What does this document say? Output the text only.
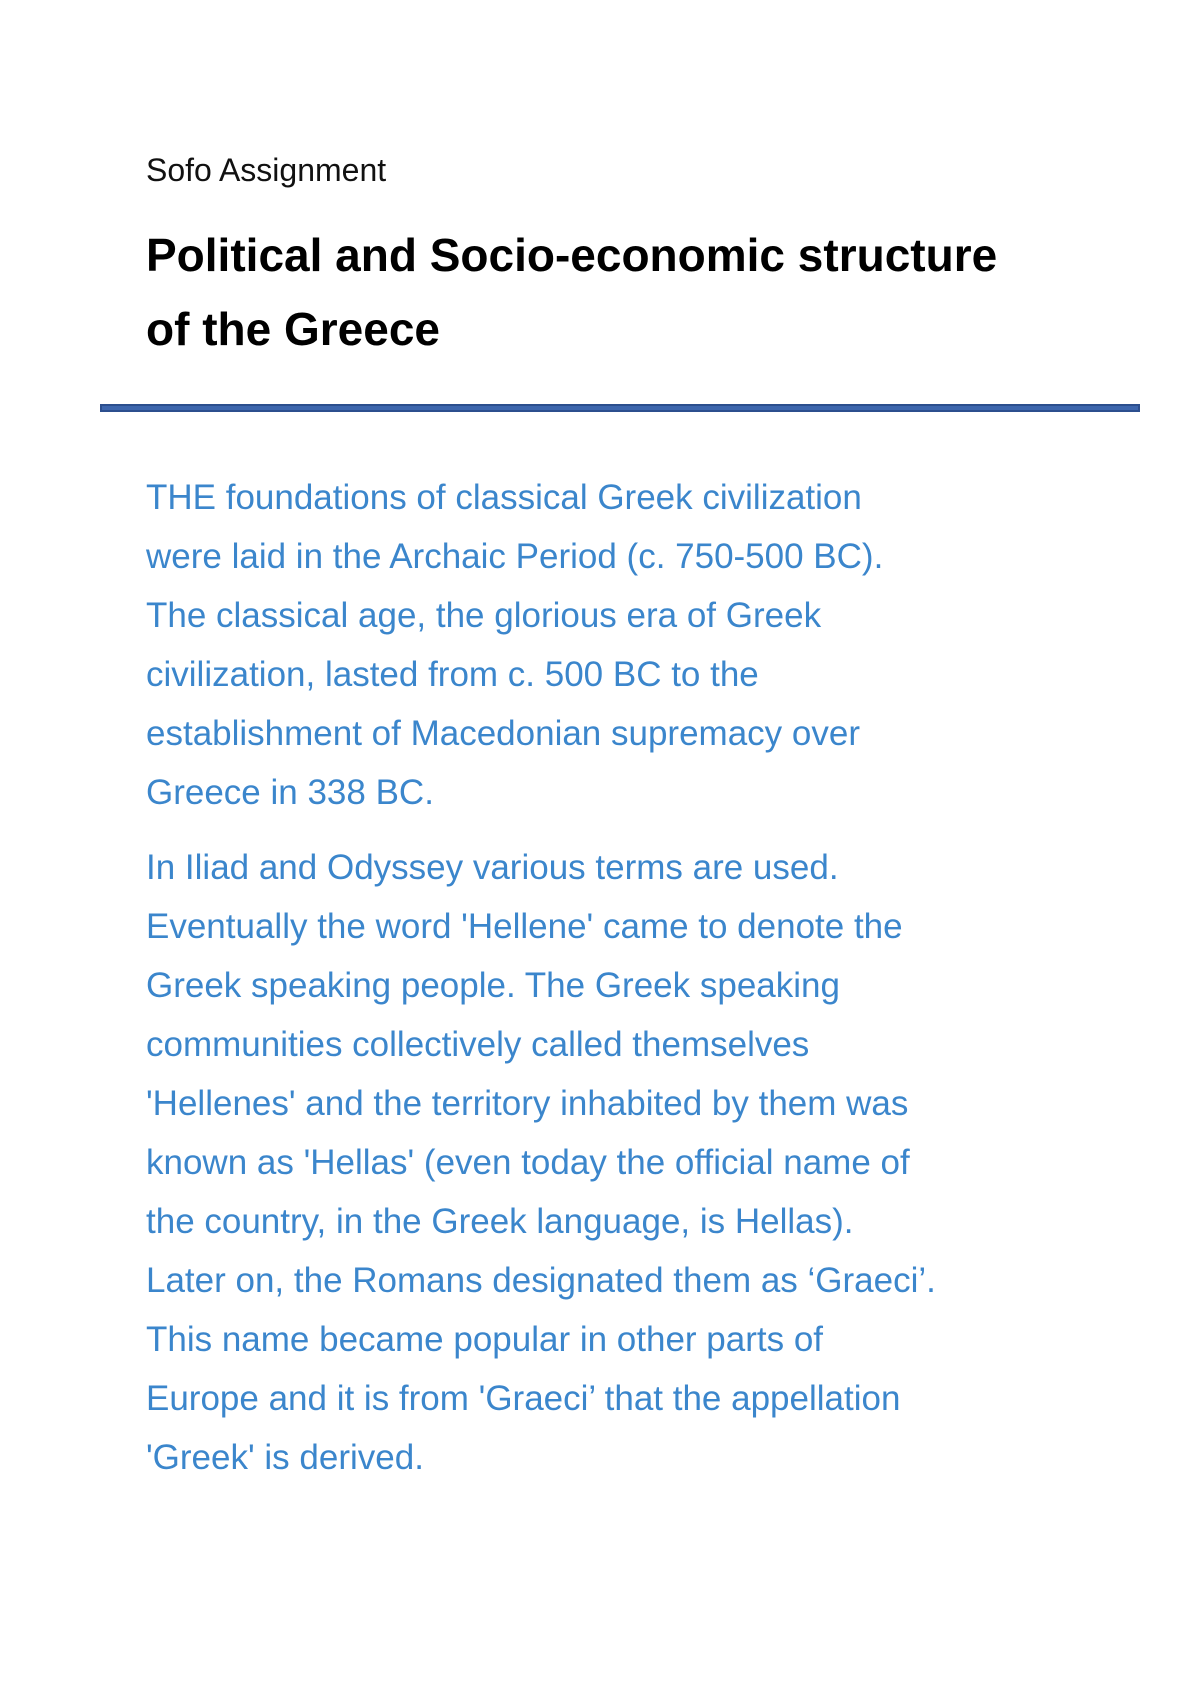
Sofo Assignment
Political and Socio-economic structure
of the Greece

THE foundations of classical Greek civilization
were laid in the Archaic Period (c. 750-500 BC).
The classical age, the glorious era of Greek
civilization, lasted from c. 500 BC to the
establishment of Macedonian supremacy over
Greece in 338 BC.

In Iliad and Odyssey various terms are used.
Eventually the word 'Hellene' came to denote the
Greek speaking people. The Greek speaking
communities collectively called themselves
'Hellenes' and the territory inhabited by them was
known as 'Hellas' (even today the official name of
the country, in the Greek language, is Hellas).
Later on, the Romans designated them as ‘Graeci’.
This name became popular in other parts of
Europe and it is from 'Graeci’ that the appellation
'Greek' is derived.
